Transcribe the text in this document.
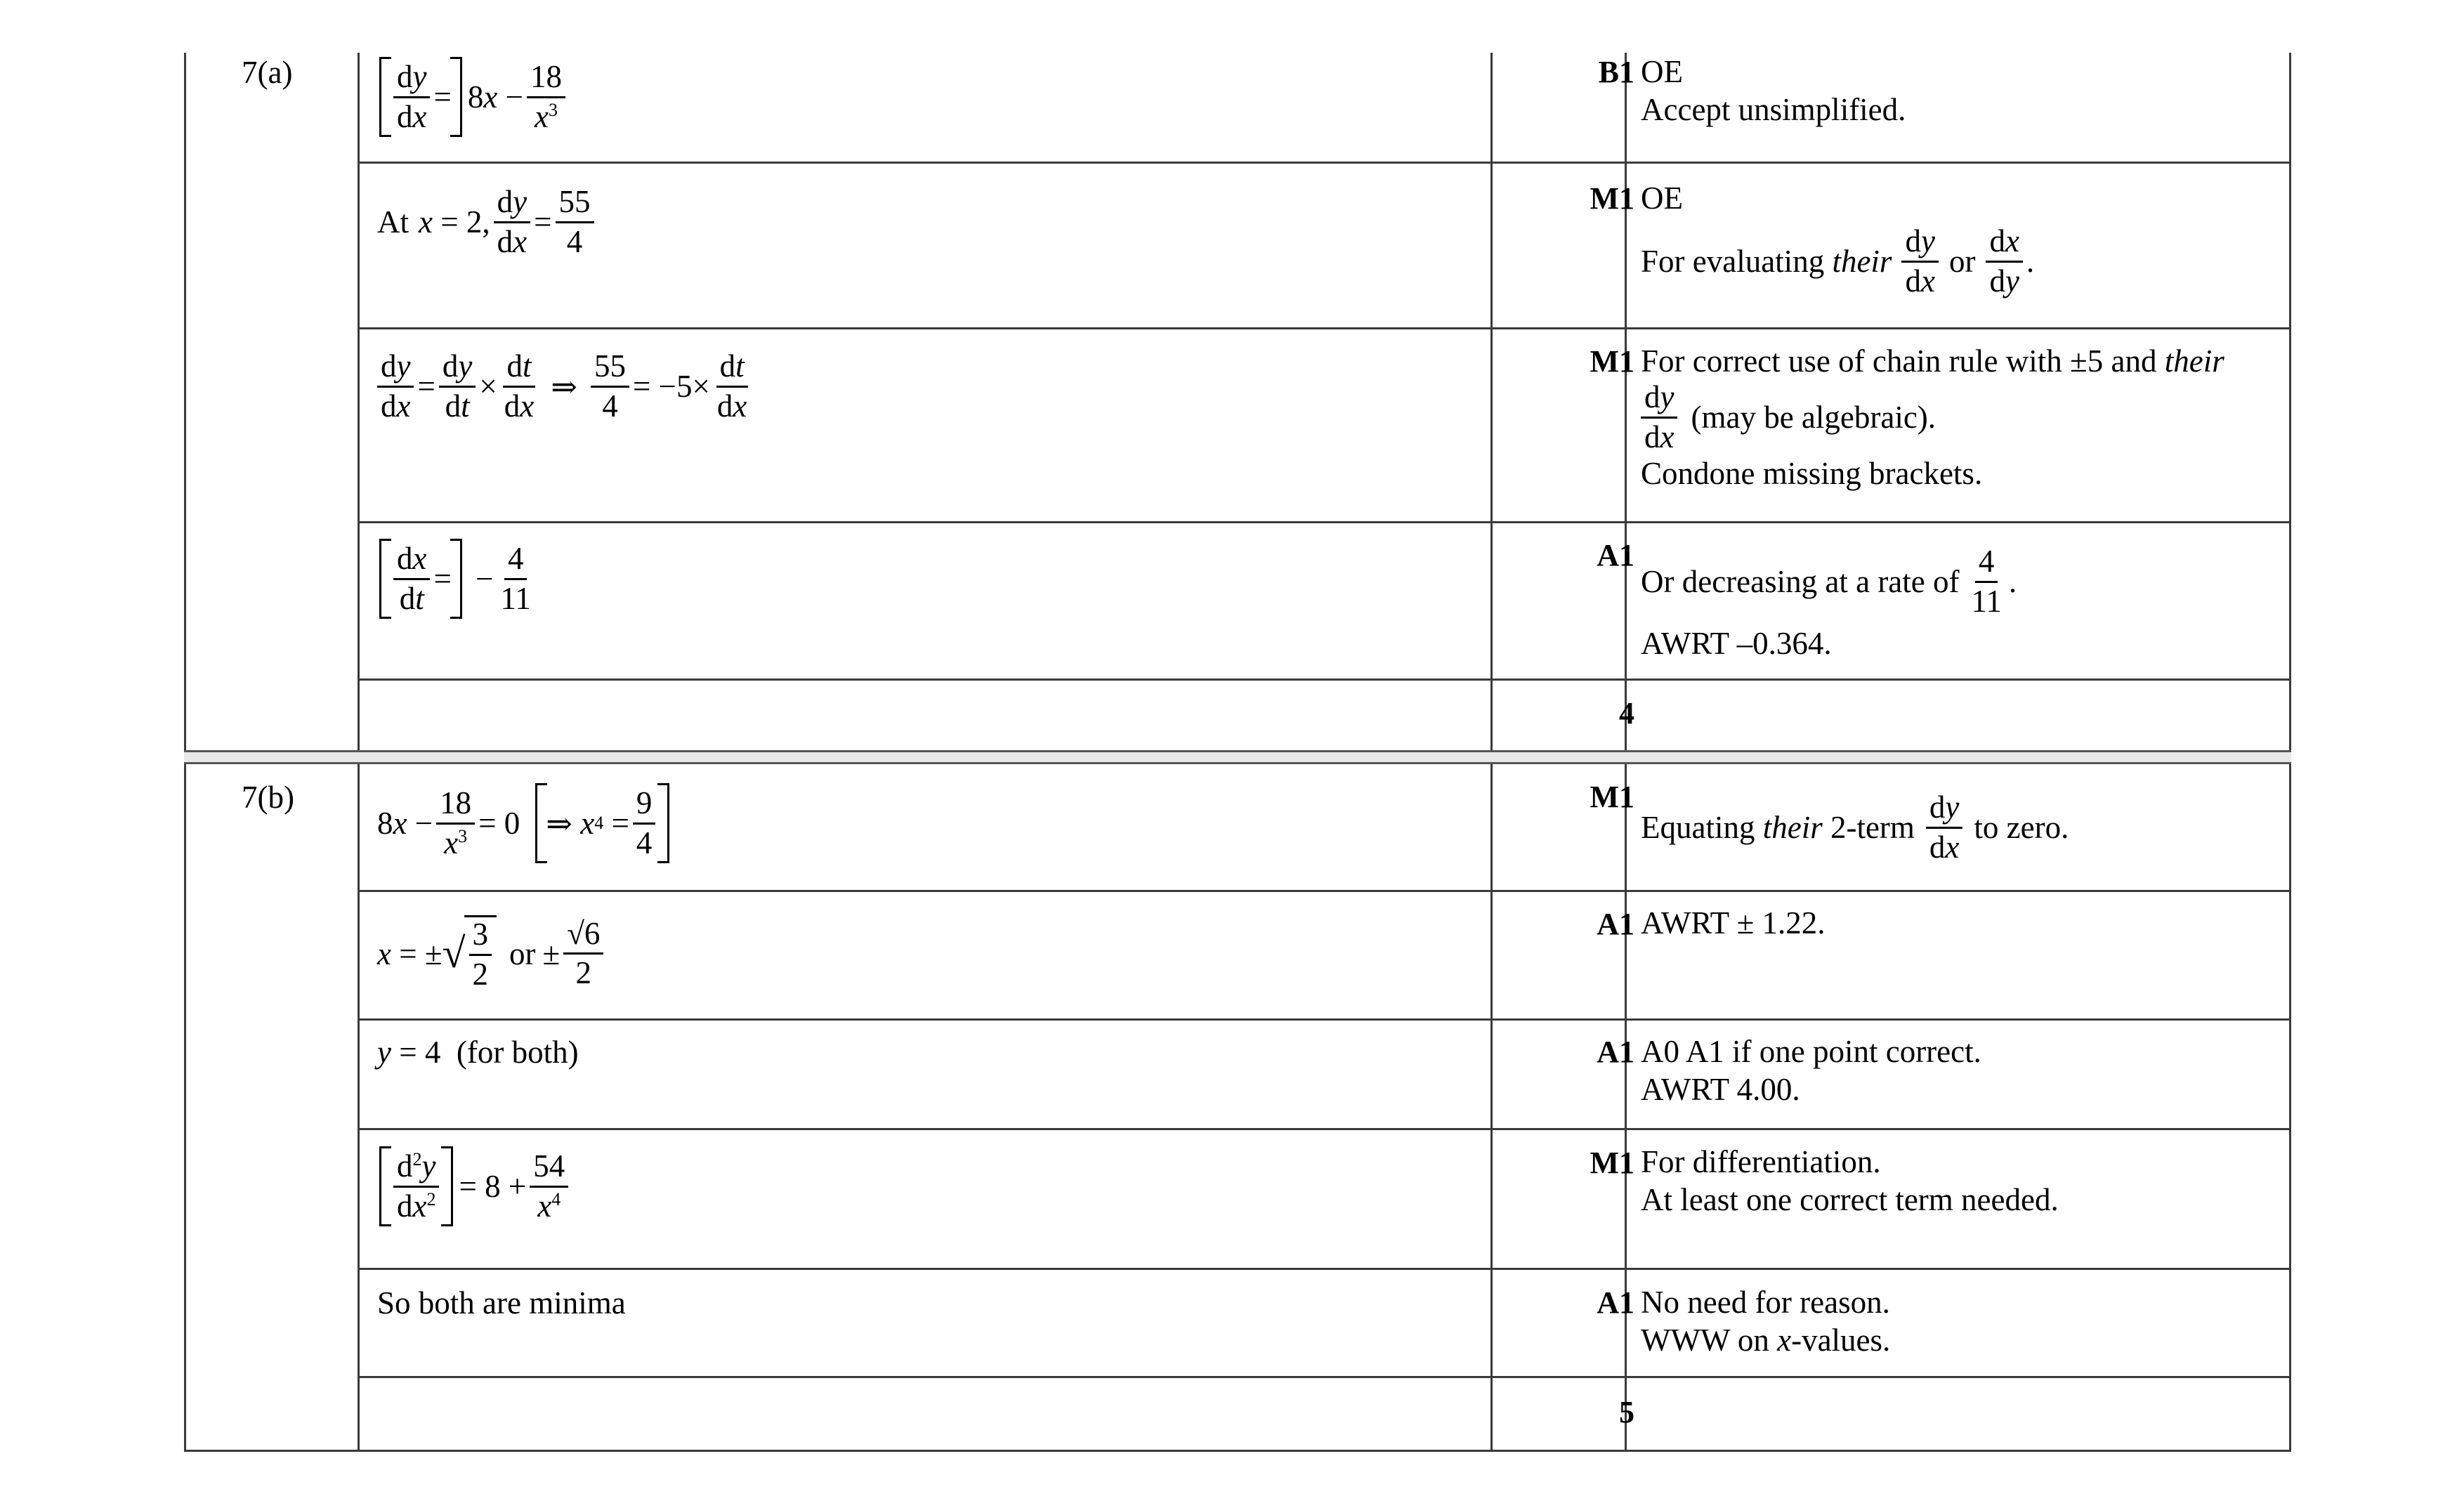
7(a)	$\frac{dy}{dx} = 8x - \frac{18}{x^3}$	B1 OE
Accept unsimplified.
At x = 2, $\frac{dy}{dx} = \frac{55}{4}$	M1 OE
For evaluating
their $\frac{dy}{dx}$ or $\frac{dx}{dy}$ .
$\frac{dy}{dx} = \frac{dy}{dt} \times \frac{dt}{dx}$ ⇒ $\frac{55}{4} = -5\times \frac{dt}{dx}$	M1 For correct use of chain rule with ±5 and their
$\frac{dy}{dx} (may$ be algebraic).
Condone missing brackets.
$\frac{dx}{dt}$ = − $\frac{4}{11}$	A1
Or decreasing at a rate of $\frac{4}{11}$ .
AWRT –0.364.
4
7(b)
$8x - \frac{18}{x^3} = 0$ ⇒ x $4 = \frac{9}{4}$	M1
Equating
their
2-term $\frac{dy}{dx}$ to zero.
x = ± √ $\frac{3}{2}$ or ± $\frac{√6}{2}$	A1 AWRT ± 1.22.
y = 4 (for both)	A1 A0 A1 if one point correct.
AWRT 4.00.
$\frac{d^2y}{dx^2} = 8 + \frac{54}{x^4}$	M1 For differentiation.
At least one correct term needed.
So both are minima	A1 No need for reason.
WWW on x-values.
5
